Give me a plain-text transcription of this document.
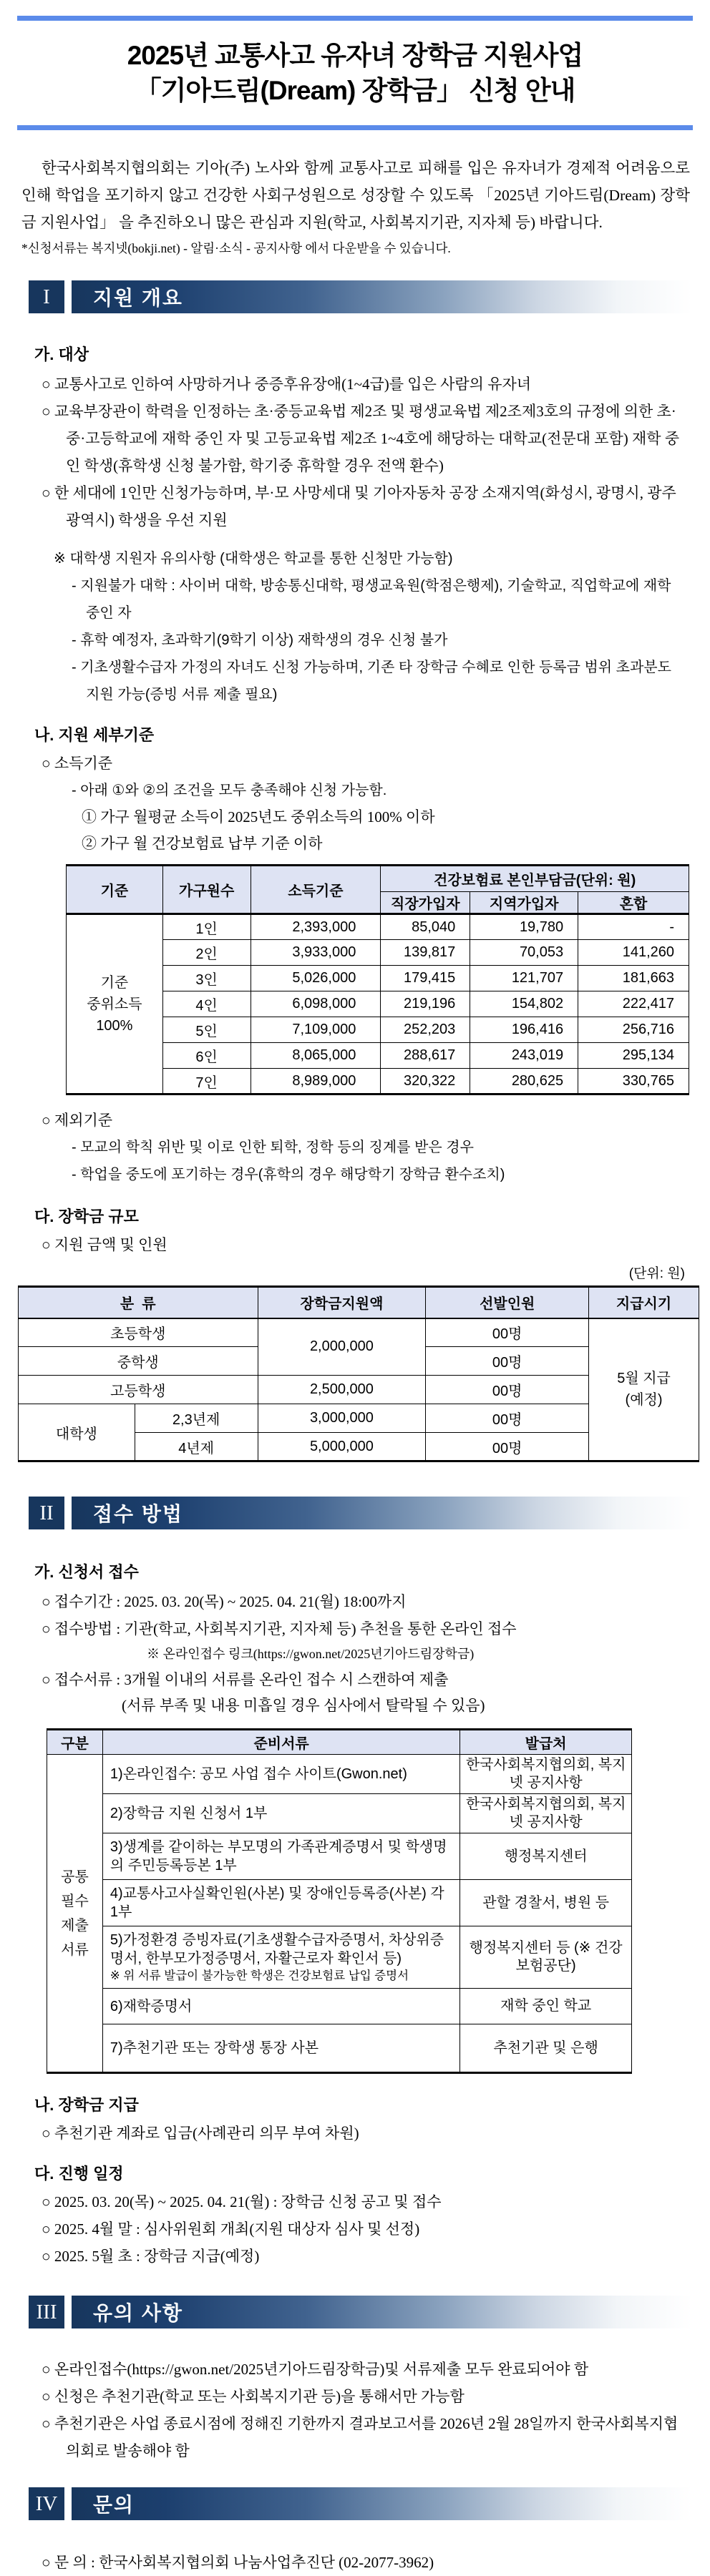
2025년 교통사고 유자녀 장학금 지원사업
「기아드림(Dream) 장학금」 신청 안내

한국사회복지협의회는 기아(주) 노사와 함께 교통사고로 피해를 입은 유자녀가 경제적 어려움으로 인해 학업을 포기하지 않고 건강한 사회구성원으로 성장할 수 있도록 「2025년 기아드림(Dream) 장학금 지원사업」 을 추진하오니 많은 관심과 지원(학교, 사회복지기관, 지자체 등) 바랍니다.

*신청서류는 복지넷(bokji.net) - 알림·소식 - 공지사항 에서 다운받을 수 있습니다.

I	지원 개요

가. 대상

○ 교통사고로 인하여 사망하거나 중증후유장애(1~4급)를 입은 사람의 유자녀

○ 교육부장관이 학력을 인정하는 초·중등교육법 제2조 및 평생교육법 제2조제3호의 규정에 의한 초·중·고등학교에 재학 중인 자 및 고등교육법 제2조 1~4호에 해당하는 대학교(전문대 포함) 재학 중인 학생(휴학생 신청 불가함, 학기중 휴학할 경우 전액 환수)

○ 한 세대에 1인만 신청가능하며, 부·모 사망세대 및 기아자동차 공장 소재지역(화성시, 광명시, 광주광역시) 학생을 우선 지원

※ 대학생 지원자 유의사항 (대학생은 학교를 통한 신청만 가능함)

- 지원불가 대학 : 사이버 대학, 방송통신대학, 평생교육원(학점은행제), 기술학교, 직업학교에 재학 중인 자

- 휴학 예정자, 초과학기(9학기 이상) 재학생의 경우 신청 불가

- 기초생활수급자 가정의 자녀도 신청 가능하며, 기존 타 장학금 수혜로 인한 등록금 범위 초과분도 지원 가능(증빙 서류 제출 필요)

나. 지원 세부기준

○ 소득기준

- 아래 ①와 ②의 조건을 모두 충족해야 신청 가능함.

① 가구 월평균 소득이 2025년도 중위소득의 100% 이하

② 가구 월 건강보험료 납부 기준 이하

기준	가구원수	소득기준	건강보험료 본인부담금(단위: 원)		
			직장가입자	지역가입자	혼합

기준
중위소득
100%	1인	2,393,000	85,040	19,780	-
	2인	3,933,000	139,817	70,053	141,260
	3인	5,026,000	179,415	121,707	181,663
	4인	6,098,000	219,196	154,802	222,417
	5인	7,109,000	252,203	196,416	256,716
	6인	8,065,000	288,617	243,019	295,134
	7인	8,989,000	320,322	280,625	330,765

○ 제외기준

- 모교의 학칙 위반 및 이로 인한 퇴학, 정학 등의 징계를 받은 경우

- 학업을 중도에 포기하는 경우(휴학의 경우 해당학기 장학금 환수조치)

다. 장학금 규모

○ 지원 금액 및 인원

(단위: 원)

분  류		장학금지원액	선발인원	지급시기
초등학생		2,000,000	00명	5월 지급
(예정)

중학생			00명	
고등학생		2,500,000	00명	
대학생	2,3년제	3,000,000	00명	
	4년제	5,000,000	00명	
II	접수 방법

가. 신청서 접수

○ 접수기간 : 2025. 03. 20(목) ~ 2025. 04. 21(월) 18:00까지

○ 접수방법 : 기관(학교, 사회복지기관, 지자체 등) 추천을 통한 온라인 접수

※ 온라인접수 링크(https://gwon.net/2025년기아드림장학금)

○ 접수서류 : 3개월 이내의 서류를 온라인 접수 시 스캔하여 제출

(서류 부족 및 내용 미흡일 경우 심사에서 탈락될 수 있음)

구분	준비서류	발급처

공통
필수
제출
서류	1)온라인접수: 공모 사업 접수 사이트(Gwon.net)	한국사회복지협의회, 복지넷 공지사항
	2)장학금 지원 신청서 1부	한국사회복지협의회, 복지넷 공지사항
	3)생계를 같이하는 부모명의 가족관계증명서 및 학생명의 주민등록등본 1부	행정복지센터
	4)교통사고사실확인원(사본) 및 장애인등록증(사본) 각 1부	관할 경찰서, 병원 등

	5)가정환경 증빙자료(기초생활수급자증명서, 차상위증명서, 한부모가정증명서, 자활근로자 확인서 등)
※ 위 서류 발급이 불가능한 학생은 건강보험료 납입 증명서	행정복지센터 등 (※ 건강보험공단)
	6)재학증명서	재학 중인 학교
	7)추천기관 또는 장학생 통장 사본	추천기관 및 은행

나. 장학금 지급

○ 추천기관 계좌로 입금(사례관리 의무 부여 차원)

다. 진행 일정

○ 2025. 03. 20(목) ~ 2025. 04. 21(월) : 장학금 신청 공고 및 접수

○ 2025. 4월 말 : 심사위원회 개최(지원 대상자 심사 및 선정)

○ 2025. 5월 초 : 장학금 지급(예정)

III	유의 사항

○ 온라인접수(https://gwon.net/2025년기아드림장학금)및 서류제출 모두 완료되어야 함

○ 신청은 추천기관(학교 또는 사회복지기관 등)을 통해서만 가능함

○ 추천기관은 사업 종료시점에 정해진 기한까지 결과보고서를 2026년 2월 28일까지 한국사회복지협의회로 발송해야 함

IV	문의

○ 문 의 : 한국사회복지협의회 나눔사업추진단 (02-2077-3962)
